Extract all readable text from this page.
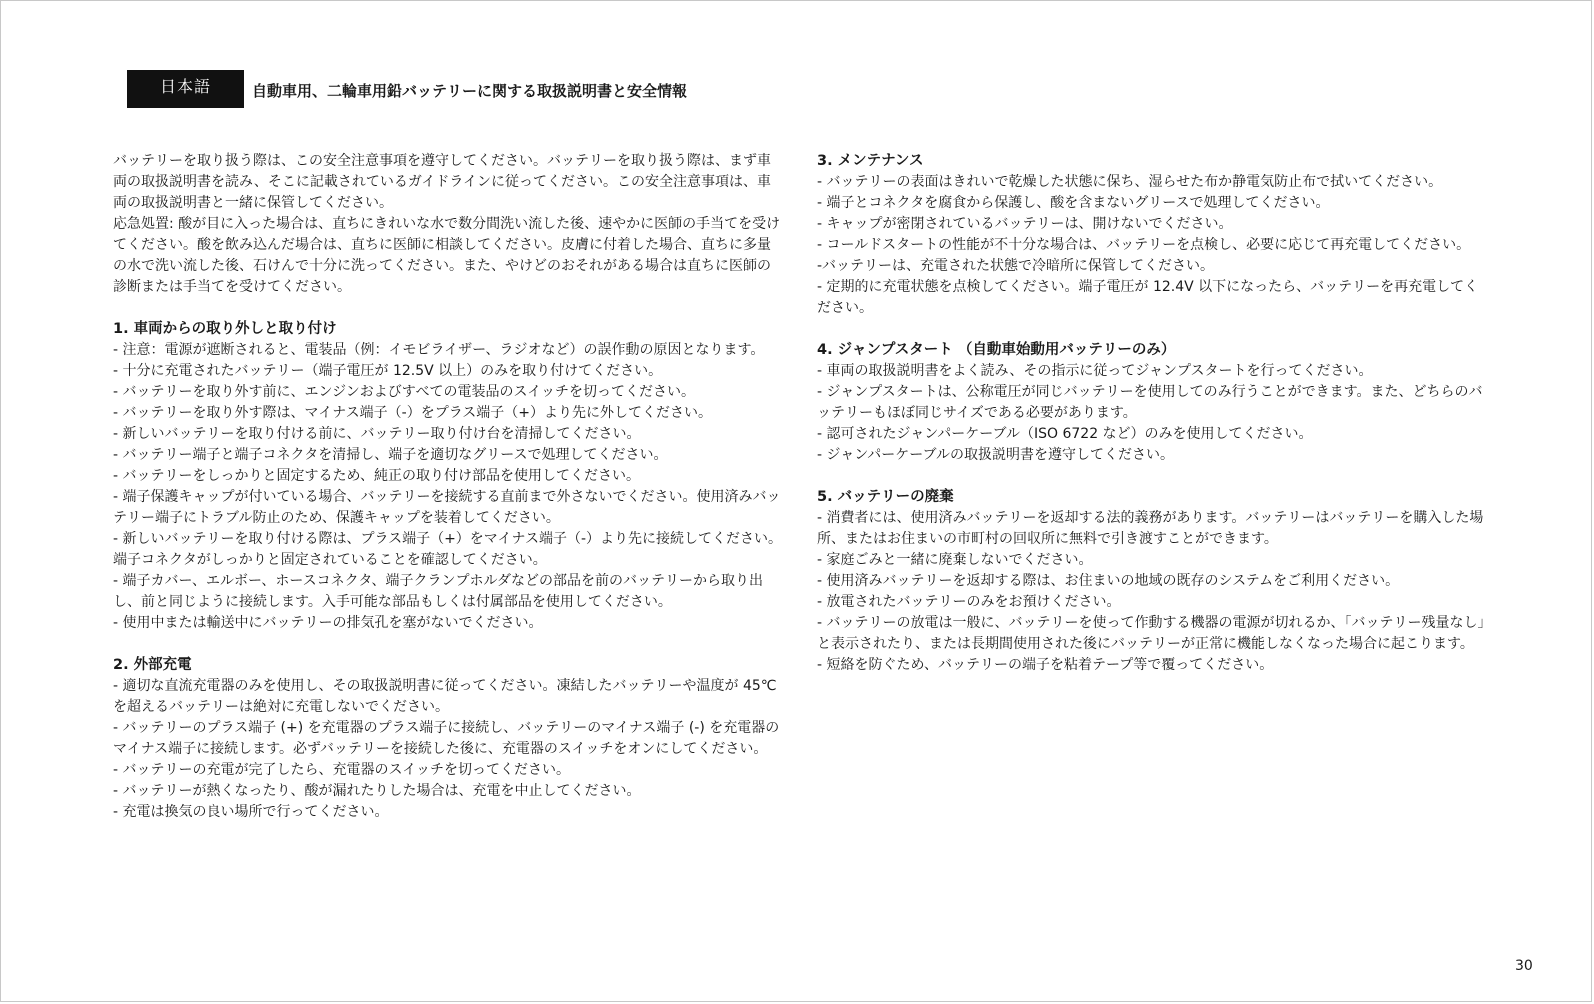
日本語	自動車用、二輪車用鉛バッテリーに関する取扱説明書と安全情報

バッテリーを取り扱う際は、この安全注意事項を遵守してください。バッテリーを取り扱う際は、まず車両の取扱説明書を読み、そこに記載されているガイドラインに従ってください。この安全注意事項は、車両の取扱説明書と一緒に保管してください。

応急処置: 酸が目に入った場合は、直ちにきれいな水で数分間洗い流した後、速やかに医師の手当てを受けてください。酸を飲み込んだ場合は、直ちに医師に相談してください。皮膚に付着した場合、直ちに多量の水で洗い流した後、石けんで十分に洗ってください。また、やけどのおそれがある場合は直ちに医師の診断または手当てを受けてください。

1. 車両からの取り外しと取り付け

- 注意：電源が遮断されると、電装品（例：イモビライザー、ラジオなど）の誤作動の原因となります。

- 十分に充電されたバッテリー（端子電圧が 12.5V 以上）のみを取り付けてください。

- バッテリーを取り外す前に、エンジンおよびすべての電装品のスイッチを切ってください。

- バッテリーを取り外す際は、マイナス端子（-）をプラス端子（+）より先に外してください。

- 新しいバッテリーを取り付ける前に、バッテリー取り付け台を清掃してください。

- バッテリー端子と端子コネクタを清掃し、端子を適切なグリースで処理してください。

- バッテリーをしっかりと固定するため、純正の取り付け部品を使用してください。

- 端子保護キャップが付いている場合、バッテリーを接続する直前まで外さないでください。使用済みバッテリー端子にトラブル防止のため、保護キャップを装着してください。

- 新しいバッテリーを取り付ける際は、プラス端子（+）をマイナス端子（-）より先に接続してください。端子コネクタがしっかりと固定されていることを確認してください。

- 端子カバー、エルボー、ホースコネクタ、端子クランプホルダなどの部品を前のバッテリーから取り出し、前と同じように接続します。入手可能な部品もしくは付属部品を使用してください。

- 使用中または輸送中にバッテリーの排気孔を塞がないでください。

2. 外部充電

- 適切な直流充電器のみを使用し、その取扱説明書に従ってください。凍結したバッテリーや温度が 45℃を超えるバッテリーは絶対に充電しないでください。

- バッテリーのプラス端子 (+) を充電器のプラス端子に接続し、バッテリーのマイナス端子 (-) を充電器のマイナス端子に接続します。必ずバッテリーを接続した後に、充電器のスイッチをオンにしてください。

- バッテリーの充電が完了したら、充電器のスイッチを切ってください。

- バッテリーが熱くなったり、酸が漏れたりした場合は、充電を中止してください。

- 充電は換気の良い場所で行ってください。

3. メンテナンス

- バッテリーの表面はきれいで乾燥した状態に保ち、湿らせた布か静電気防止布で拭いてください。

- 端子とコネクタを腐食から保護し、酸を含まないグリースで処理してください。

- キャップが密閉されているバッテリーは、開けないでください。

- コールドスタートの性能が不十分な場合は、バッテリーを点検し、必要に応じて再充電してください。

-バッテリーは、充電された状態で冷暗所に保管してください。

- 定期的に充電状態を点検してください。端子電圧が 12.4V 以下になったら、バッテリーを再充電してください。

4. ジャンプスタート （自動車始動用バッテリーのみ）

- 車両の取扱説明書をよく読み、その指示に従ってジャンプスタートを行ってください。

- ジャンプスタートは、公称電圧が同じバッテリーを使用してのみ行うことができます。また、どちらのバッテリーもほぼ同じサイズである必要があります。

- 認可されたジャンパーケーブル（ISO 6722 など）のみを使用してください。

- ジャンパーケーブルの取扱説明書を遵守してください。

5. バッテリーの廃棄

- 消費者には、使用済みバッテリーを返却する法的義務があります。バッテリーはバッテリーを購入した場所、またはお住まいの市町村の回収所に無料で引き渡すことができます。

- 家庭ごみと一緒に廃棄しないでください。

- 使用済みバッテリーを返却する際は、お住まいの地域の既存のシステムをご利用ください。

- 放電されたバッテリーのみをお預けください。

- バッテリーの放電は一般に、バッテリーを使って作動する機器の電源が切れるか、「バッテリー残量なし」と表示されたり、または長期間使用された後にバッテリーが正常に機能しなくなった場合に起こります。

- 短絡を防ぐため、バッテリーの端子を粘着テープ等で覆ってください。

30
